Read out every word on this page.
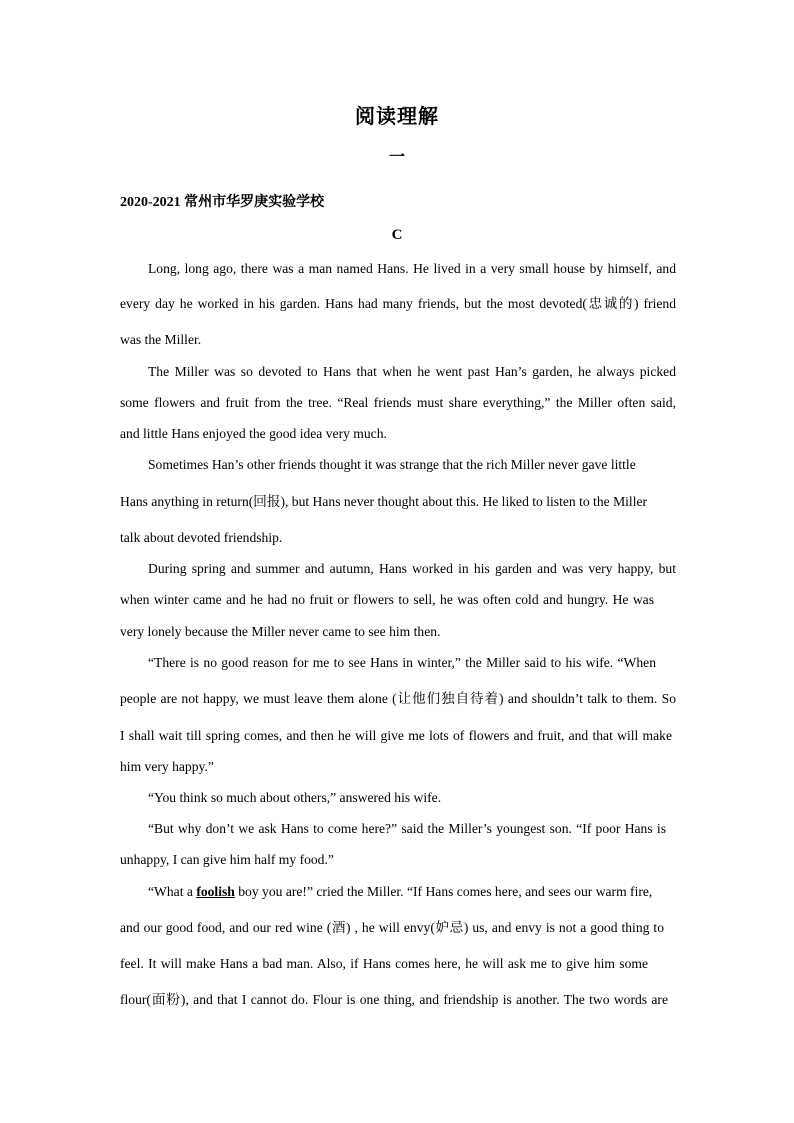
阅读理解
一
2020-2021 常州市华罗庚实验学校
C
Long, long ago, there was a man named Hans. He lived in a very small house by himself, and
every day he worked in his garden. Hans had many friends, but the most devoted(忠诚的) friend
was the Miller.
The Miller was so devoted to Hans that when he went past Han’s garden, he always picked
some flowers and fruit from the tree. “Real friends must share everything,” the Miller often said,
and little Hans enjoyed the good idea very much.
Sometimes Han’s other friends thought it was strange that the rich Miller never gave little
Hans anything in return(回报), but Hans never thought about this. He liked to listen to the Miller
talk about devoted friendship.
During spring and summer and autumn, Hans worked in his garden and was very happy, but
when winter came and he had no fruit or flowers to sell, he was often cold and hungry. He was
very lonely because the Miller never came to see him then.
“There is no good reason for me to see Hans in winter,” the Miller said to his wife. “When
people are not happy, we must leave them alone (让他们独自待着) and shouldn’t talk to them. So
I shall wait till spring comes, and then he will give me lots of flowers and fruit, and that will make
him very happy.”
“You think so much about others,” answered his wife.
“But why don’t we ask Hans to come here?” said the Miller’s youngest son. “If poor Hans is
unhappy, I can give him half my food.”
“What a foolish boy you are!” cried the Miller. “If Hans comes here, and sees our warm fire,
and our good food, and our red wine (酒) , he will envy(妒忌) us, and envy is not a good thing to
feel. It will make Hans a bad man. Also, if Hans comes here, he will ask me to give him some
flour(面粉), and that I cannot do. Flour is one thing, and friendship is another. The two words are
